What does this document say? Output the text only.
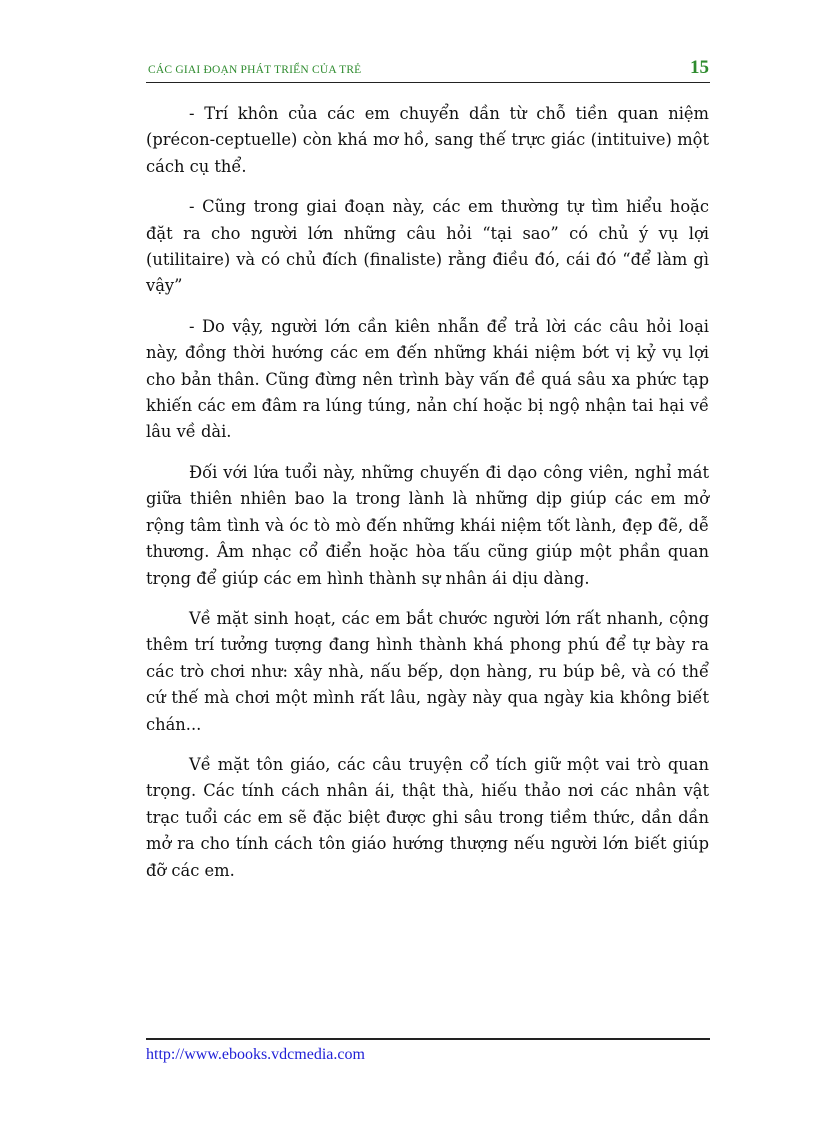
CÁC GIAI ĐOẠN PHÁT TRIỂN CỦA TRẺ	15

- Trí khôn của các em chuyển dần từ chỗ tiền quan niệm (précon-ceptuelle) còn khá mơ hồ, sang thế trực giác (intituive) một cách cụ thể.

- Cũng trong giai đoạn này, các em thường tự tìm hiểu hoặc đặt ra cho người lớn những câu hỏi “tại sao” có chủ ý vụ lợi (utilitaire) và có chủ đích (finaliste) rằng điều đó, cái đó “để làm gì vậy”

- Do vậy, người lớn cần kiên nhẫn để trả lời các câu hỏi loại này, đồng thời hướng các em đến những khái niệm bớt vị kỷ vụ lợi cho bản thân. Cũng đừng nên trình bày vấn đề quá sâu xa phức tạp khiến các em đâm ra lúng túng, nản chí hoặc bị ngộ nhận tai hại về lâu về dài.

Đối với lứa tuổi này, những chuyến đi dạo công viên, nghỉ mát giữa thiên nhiên bao la trong lành là những dịp giúp các em mở rộng tâm tình và óc tò mò đến những khái niệm tốt lành, đẹp đẽ, dễ thương. Âm nhạc cổ điển hoặc hòa tấu cũng giúp một phần quan trọng để giúp các em hình thành sự nhân ái dịu dàng.

Về mặt sinh hoạt, các em bắt chước người lớn rất nhanh, cộng thêm trí tưởng tượng đang hình thành khá phong phú để tự bày ra các trò chơi như: xây nhà, nấu bếp, dọn hàng, ru búp bê, và có thể cứ thế mà chơi một mình rất lâu, ngày này qua ngày kia không biết chán...

Về mặt tôn giáo, các câu truyện cổ tích giữ một vai trò quan trọng. Các tính cách nhân ái, thật thà, hiếu thảo nơi các nhân vật trạc tuổi các em sẽ đặc biệt được ghi sâu trong tiềm thức, dần dần mở ra cho tính cách tôn giáo hướng thượng nếu người lớn biết giúp đỡ các em.

http://www.ebooks.vdcmedia.com
